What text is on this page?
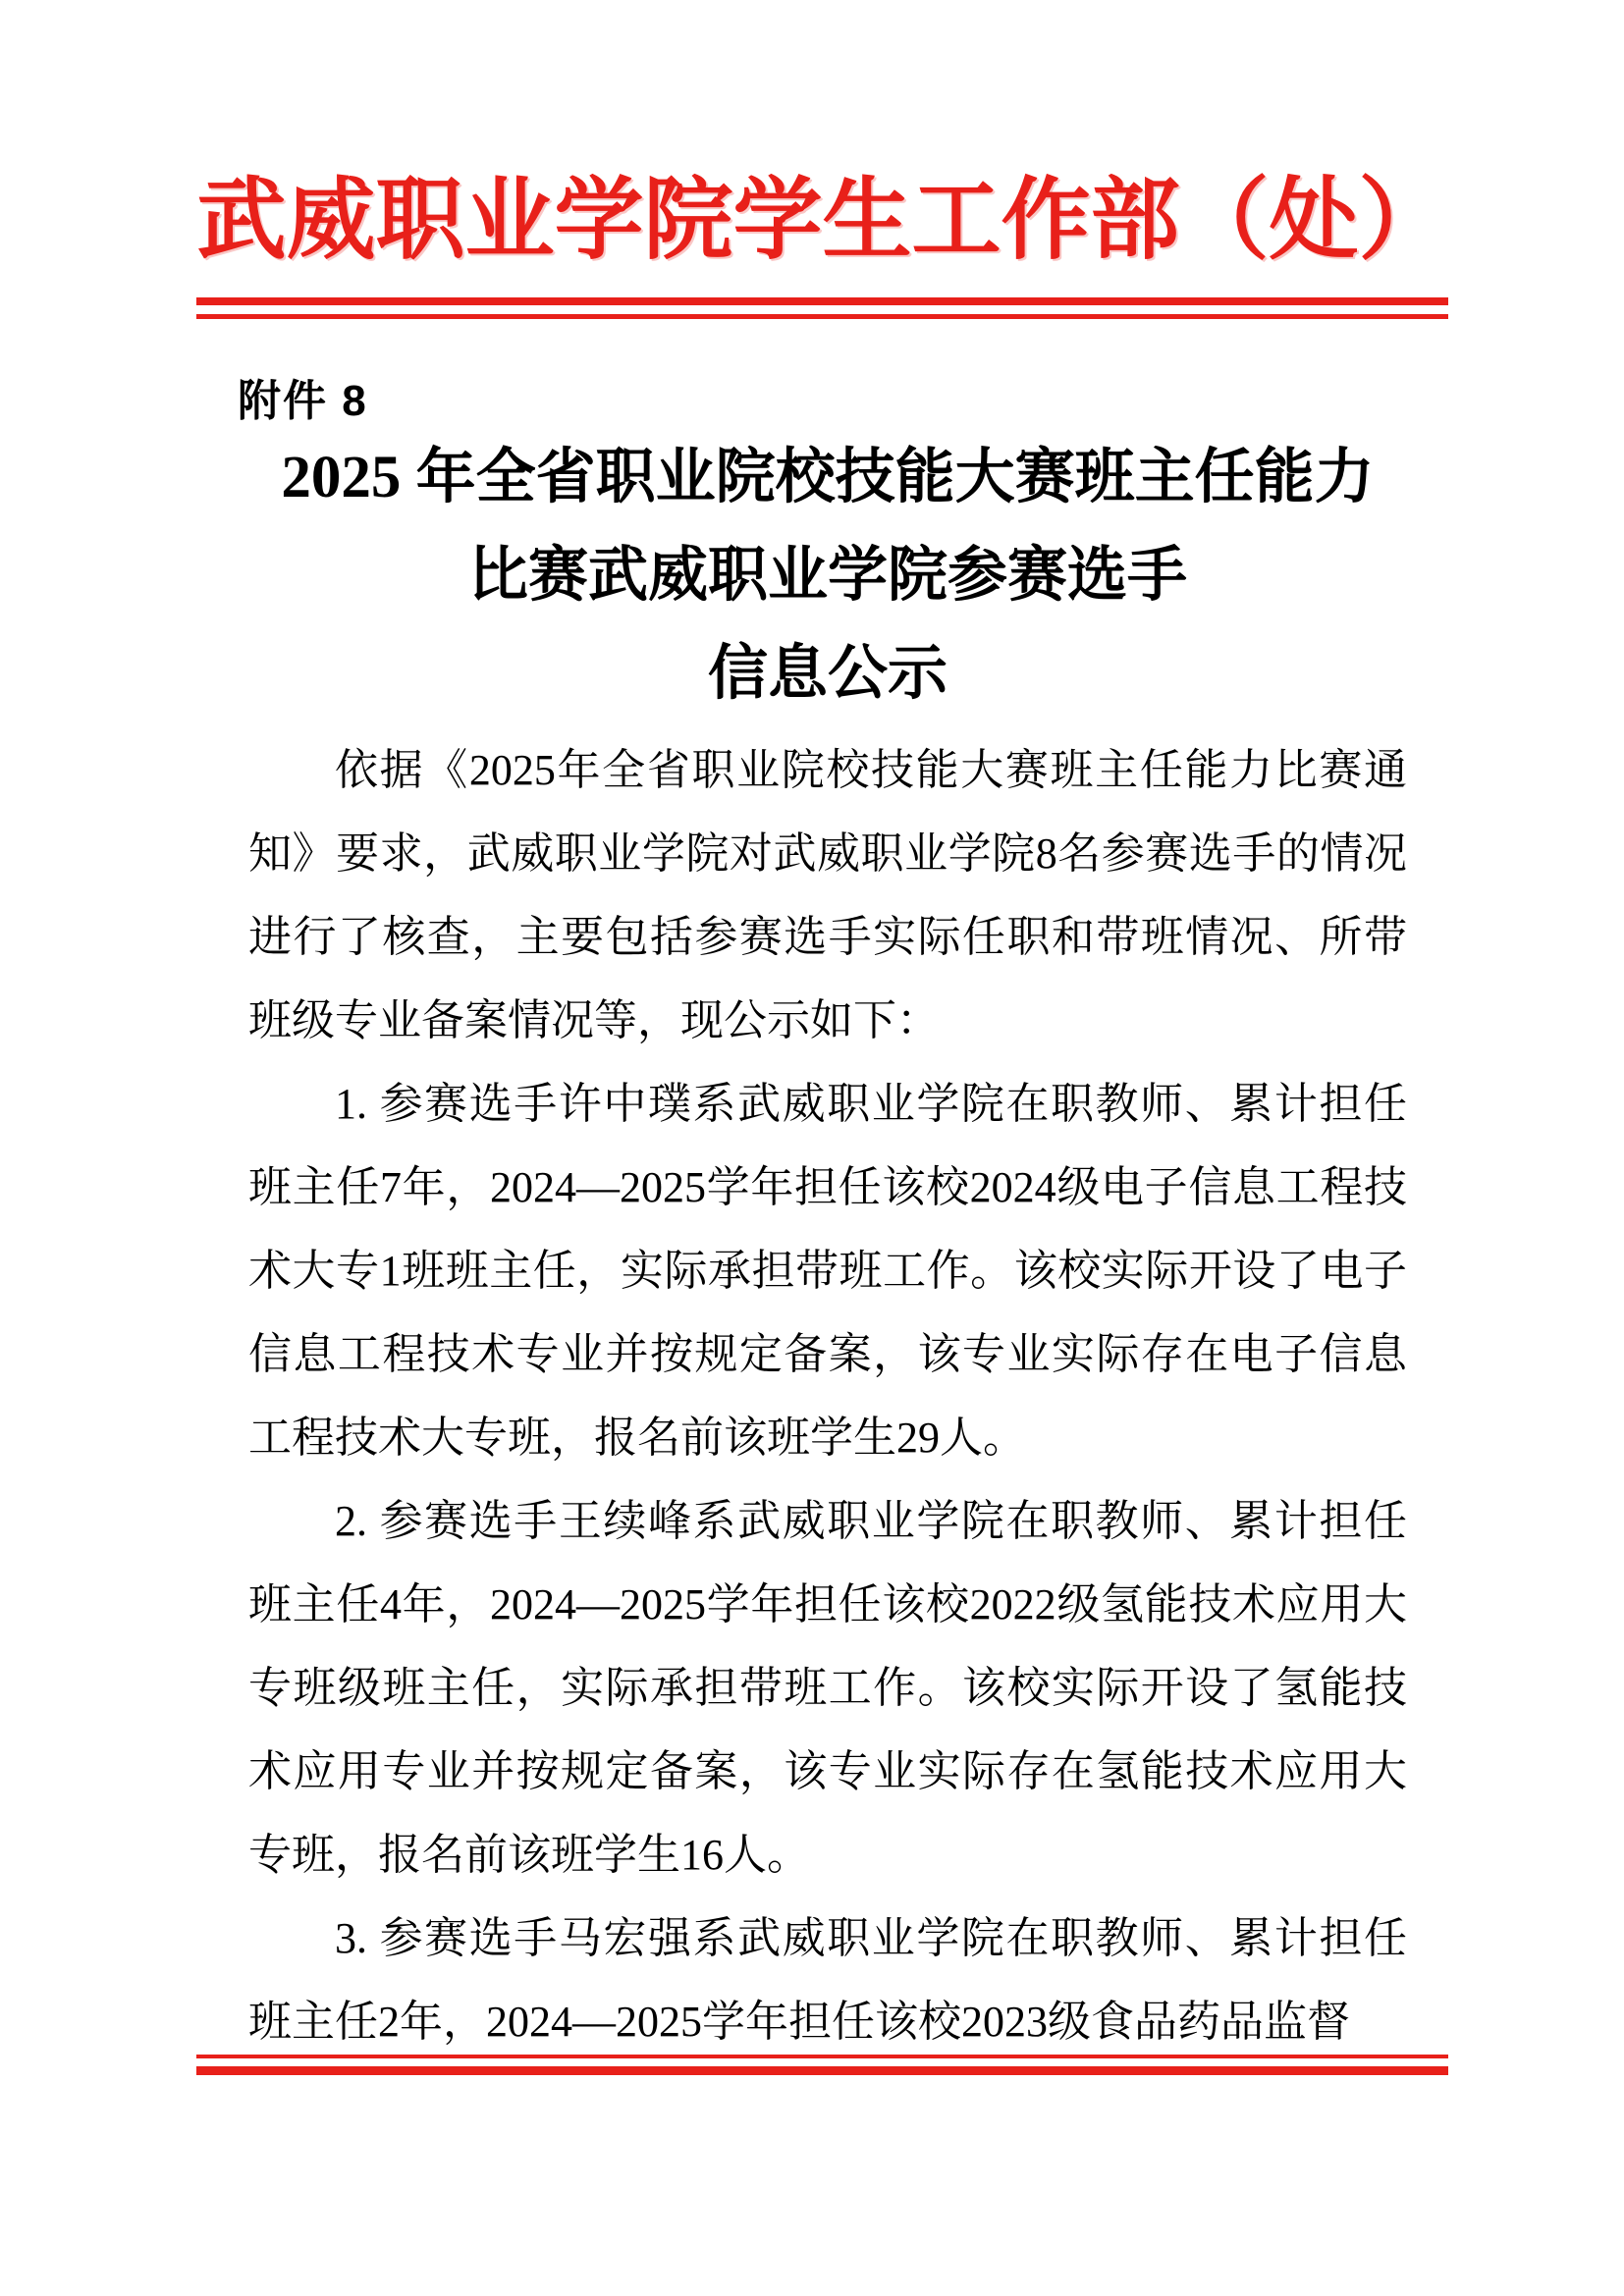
武威职业学院学生工作部（处）
附件 8
2025 年全省职业院校技能大赛班主任能力
比赛武威职业学院参赛选手
信息公示

依据《2025年全省职业院校技能大赛班主任能力比赛通知》要求，武威职业学院对武威职业学院8名参赛选手的情况进行了核查，主要包括参赛选手实际任职和带班情况、所带班级专业备案情况等，现公示如下：

1. 参赛选手许中璞系武威职业学院在职教师、累计担任班主任7年，2024—2025学年担任该校2024级电子信息工程技术大专1班班主任，实际承担带班工作。该校实际开设了电子信息工程技术专业并按规定备案，该专业实际存在电子信息工程技术大专班，报名前该班学生29人。

2. 参赛选手王续峰系武威职业学院在职教师、累计担任班主任4年，2024—2025学年担任该校2022级氢能技术应用大专班级班主任，实际承担带班工作。该校实际开设了氢能技术应用专业并按规定备案，该专业实际存在氢能技术应用大专班，报名前该班学生16人。

3. 参赛选手马宏强系武威职业学院在职教师、累计担任班主任2年，2024—2025学年担任该校2023级食品药品监督
